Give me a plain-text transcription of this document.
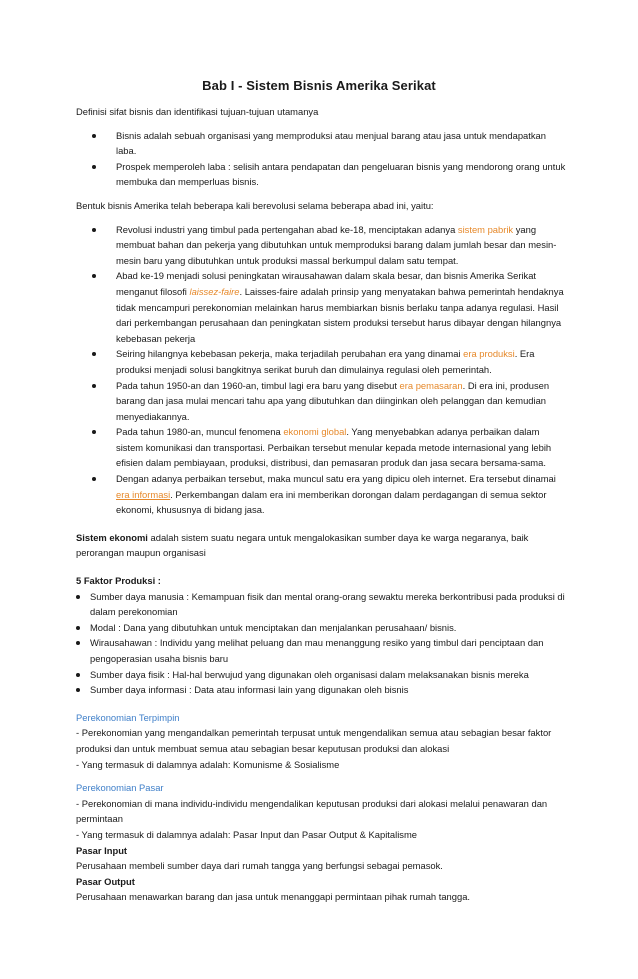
Bab I - Sistem Bisnis Amerika Serikat

Definisi sifat bisnis dan identifikasi tujuan-tujuan utamanya

Bisnis adalah sebuah organisasi yang memproduksi atau menjual barang atau jasa untuk mendapatkan laba.
Prospek memperoleh laba : selisih antara pendapatan dan pengeluaran bisnis yang mendorong orang untuk membuka dan memperluas bisnis.

Bentuk bisnis Amerika telah beberapa kali berevolusi selama beberapa abad ini, yaitu:

Revolusi industri yang timbul pada pertengahan abad ke-18, menciptakan adanya sistem pabrik yang membuat bahan dan pekerja yang dibutuhkan untuk memproduksi barang dalam jumlah besar dan mesin-mesin baru yang dibutuhkan untuk produksi massal berkumpul dalam satu tempat.
Abad ke-19 menjadi solusi peningkatan wirausahawan dalam skala besar, dan bisnis Amerika Serikat menganut filosofi laissez-faire. Laisses-faire adalah prinsip yang menyatakan bahwa pemerintah hendaknya tidak mencampuri perekonomian melainkan harus membiarkan bisnis berlaku tanpa adanya regulasi. Hasil dari perkembangan perusahaan dan peningkatan sistem produksi tersebut harus dibayar dengan hilangnya kebebasan pekerja
Seiring hilangnya kebebasan pekerja, maka terjadilah perubahan era yang dinamai era produksi. Era produksi menjadi solusi bangkitnya serikat buruh dan dimulainya regulasi oleh pemerintah.
Pada tahun 1950-an dan 1960-an, timbul lagi era baru yang disebut era pemasaran. Di era ini, produsen barang dan jasa mulai mencari tahu apa yang dibutuhkan dan diinginkan oleh pelanggan dan kemudian menyediakannya.
Pada tahun 1980-an, muncul fenomena ekonomi global. Yang menyebabkan adanya perbaikan dalam sistem komunikasi dan transportasi. Perbaikan tersebut menular kepada metode internasional yang lebih efisien dalam pembiayaan, produksi, distribusi, dan pemasaran produk dan jasa secara bersama-sama.
Dengan adanya perbaikan tersebut, maka muncul satu era yang dipicu oleh internet. Era tersebut dinamai era informasi. Perkembangan dalam era ini memberikan dorongan dalam perdagangan di semua sektor ekonomi, khususnya di bidang jasa.

Sistem ekonomi adalah sistem suatu negara untuk mengalokasikan sumber daya ke warga negaranya, baik perorangan maupun organisasi

5 Faktor Produksi :

Sumber daya manusia : Kemampuan fisik dan mental orang-orang sewaktu mereka berkontribusi pada produksi di dalam perekonomian
Modal : Dana yang dibutuhkan untuk menciptakan dan menjalankan perusahaan/ bisnis.
Wirausahawan : Individu yang melihat peluang dan mau menanggung resiko yang timbul dari penciptaan dan pengoperasian usaha bisnis baru
Sumber daya fisik : Hal-hal berwujud yang digunakan oleh organisasi dalam melaksanakan bisnis mereka
Sumber daya informasi : Data atau informasi lain yang digunakan oleh bisnis

Perekonomian Terpimpin

- Perekonomian yang mengandalkan pemerintah terpusat untuk mengendalikan semua atau sebagian besar faktor produksi dan untuk membuat semua atau sebagian besar keputusan produksi dan alokasi

- Yang termasuk di dalamnya adalah: Komunisme & Sosialisme

Perekonomian Pasar

- Perekonomian di mana individu-individu mengendalikan keputusan produksi dari alokasi melalui penawaran dan permintaan

- Yang termasuk di dalamnya adalah: Pasar Input dan Pasar Output & Kapitalisme

Pasar Input

Perusahaan membeli sumber daya dari rumah tangga yang berfungsi sebagai pemasok.

Pasar Output

Perusahaan menawarkan barang dan jasa untuk menanggapi permintaan pihak rumah tangga.
